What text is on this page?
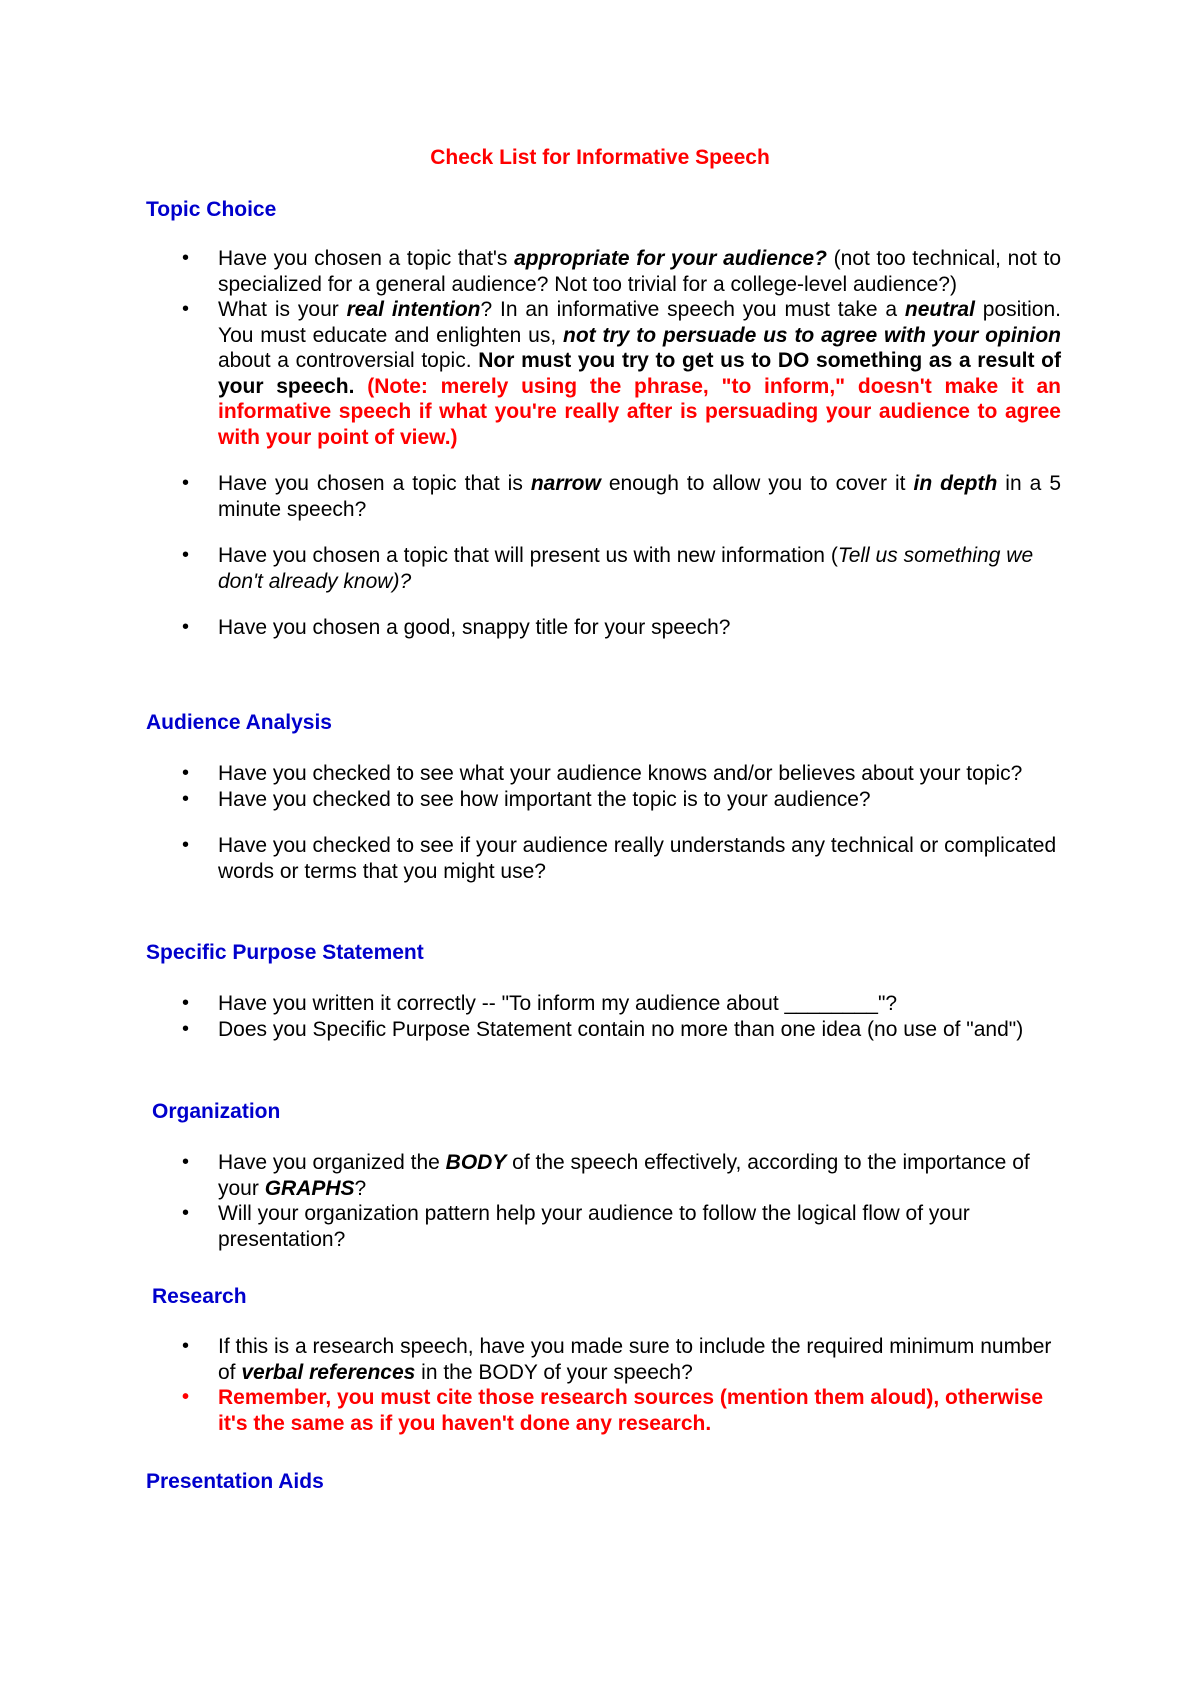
Check List for Informative Speech
Topic Choice
• Have you chosen a topic that's appropriate for your audience? (not too technical, not to specialized for a general audience? Not too trivial for a college-level audience?)
• What is your real intention? In an informative speech you must take a neutral position. You must educate and enlighten us, not try to persuade us to agree with your opinion about a controversial topic. Nor must you try to get us to DO something as a result of your speech. (Note: merely using the phrase, "to inform," doesn't make it an informative speech if what you're really after is persuading your audience to agree with your point of view.)
• Have you chosen a topic that is narrow enough to allow you to cover it in depth in a 5 minute speech?
• Have you chosen a topic that will present us with new information (Tell us something we don't already know)?
• Have you chosen a good, snappy title for your speech?
Audience Analysis
• Have you checked to see what your audience knows and/or believes about your topic?
• Have you checked to see how important the topic is to your audience?
• Have you checked to see if your audience really understands any technical or complicated words or terms that you might use?
Specific Purpose Statement
• Have you written it correctly -- "To inform my audience about ________"?
• Does you Specific Purpose Statement contain no more than one idea (no use of "and")
Organization
• Have you organized the BODY of the speech effectively, according to the importance of your GRAPHS?
• Will your organization pattern help your audience to follow the logical flow of your presentation?
Research
• If this is a research speech, have you made sure to include the required minimum number of verbal references in the BODY of your speech?
• Remember, you must cite those research sources (mention them aloud), otherwise it's the same as if you haven't done any research.
Presentation Aids
